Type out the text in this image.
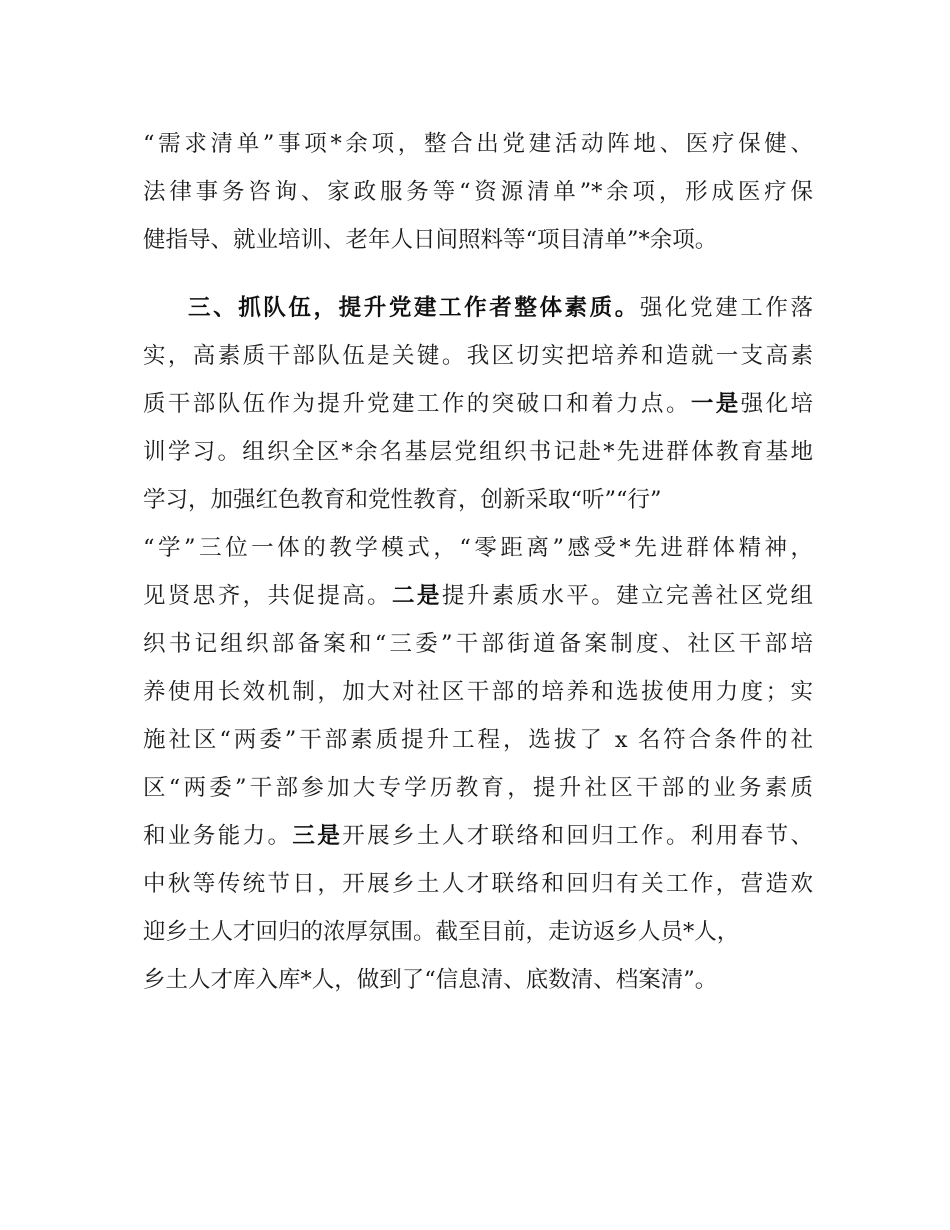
“需求清单”事项*余项，整合出党建活动阵地、医疗保健、
法律事务咨询、家政服务等“资源清单”*余项，形成医疗保
健指导、就业培训、老年人日间照料等“项目清单”*余项。
三、抓队伍，提升党建工作者整体素质。强化党建工作落
实，高素质干部队伍是关键。我区切实把培养和造就一支高素
质干部队伍作为提升党建工作的突破口和着力点。一是强化培
训学习。组织全区*余名基层党组织书记赴*先进群体教育基地
学习，加强红色教育和党性教育，创新采取“听”“行”
“学”三位一体的教学模式，“零距离”感受*先进群体精神，
见贤思齐，共促提高。二是提升素质水平。建立完善社区党组
织书记组织部备案和“三委”干部街道备案制度、社区干部培
养使用长效机制，加大对社区干部的培养和选拔使用力度；实
施社区“两委”干部素质提升工程，选拔了 x 名符合条件的社
区“两委”干部参加大专学历教育，提升社区干部的业务素质
和业务能力。三是开展乡土人才联络和回归工作。利用春节、
中秋等传统节日，开展乡土人才联络和回归有关工作，营造欢
迎乡土人才回归的浓厚氛围。截至目前，走访返乡人员*人，
乡土人才库入库*人，做到了“信息清、底数清、档案清”。
